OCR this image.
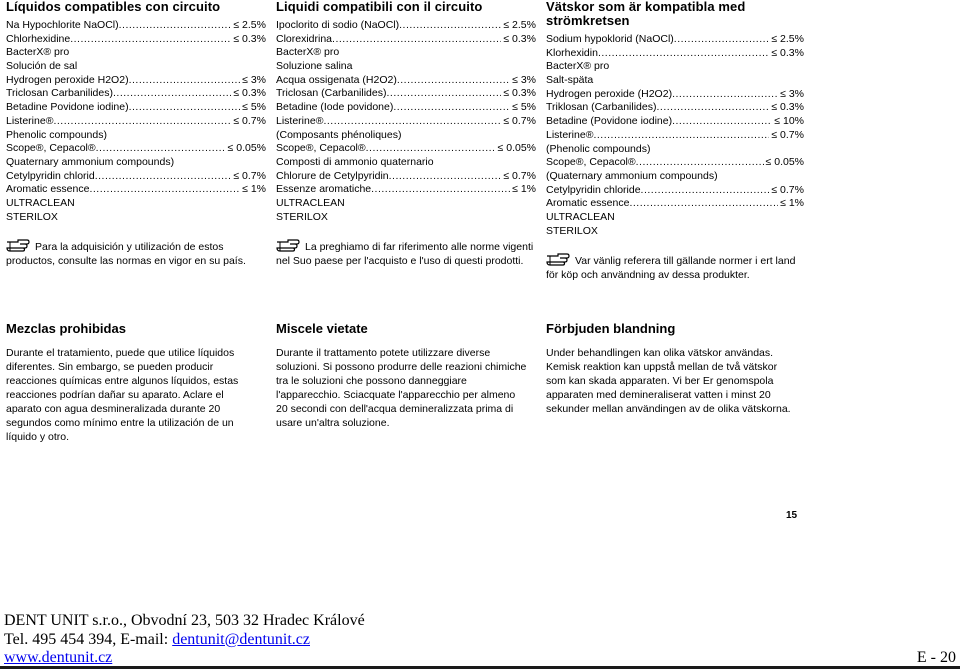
Líquidos compatibles con circuito
Na Hypochlorite NaOCl) .....	≤ 2.5%
Chlorhexidine .....	≤ 0.3%
BacterX® pro
Solución de sal
Hydrogen peroxide H2O2) .....	≤ 3%
Triclosan Carbanilides) .....	≤ 0.3%
Betadine Povidone iodine) .....	≤ 5%
Listerine® .....	≤ 0.7%
Phenolic compounds)
Scope®, Cepacol® .....	≤ 0.05%
Quaternary ammonium compounds)
Cetylpyridin chlorid .....	≤ 0.7%
Aromatic essence .....	≤ 1%
ULTRACLEAN
STERILOX
Para la adquisición y utilización de estos productos, consulte las normas en vigor en su país.
Liquidi compatibili con il circuito
Ipoclorito di sodio (NaOCl) .....	≤ 2.5%
Clorexidrina .....	≤ 0.3%
BacterX® pro
Soluzione salina
Acqua ossigenata (H2O2) .....	≤ 3%
Triclosan (Carbanilides) .....	≤ 0.3%
Betadine (Iode povidone) .....	≤ 5%
Listerine® .....	≤ 0.7%
(Composants phénoliques)
Scope®, Cepacol® .....	≤ 0.05%
Composti di ammonio quaternario
Chlorure de Cetylpyridin .....	≤ 0.7%
Essenze aromatiche .....	≤ 1%
ULTRACLEAN
STERILOX
La preghiamo di far riferimento alle norme vigenti nel Suo paese per l'acquisto e l'uso di questi prodotti.
Vätskor som är kompatibla med strömkretsen
Sodium hypoklorid (NaOCl) .....	≤ 2.5%
Klorhexidin .....	≤ 0.3%
BacterX® pro
Salt-späta
Hydrogen peroxide (H2O2) .....	≤ 3%
Triklosan (Carbanilides) .....	≤ 0.3%
Betadine (Povidone iodine) .....	≤ 10%
Listerine® .....	≤ 0.7%
(Phenolic compounds)
Scope®, Cepacol® .....	≤ 0.05%
(Quaternary ammonium compounds)
Cetylpyridin chloride .....	≤ 0.7%
Aromatic essence .....	≤ 1%
ULTRACLEAN
STERILOX
Var vänlig referera till gällande normer i ert land för köp och användning av dessa produkter.
Mezclas prohibidas
Durante el tratamiento, puede que utilice líquidos diferentes. Sin embargo, se pueden producir reacciones químicas entre algunos líquidos, estas reacciones podrían dañar su aparato. Aclare el aparato con agua desmineralizada durante 20 segundos como mínimo entre la utilización de un líquido y otro.
Miscele vietate
Durante il trattamento potete utilizzare diverse soluzioni. Si possono produrre delle reazioni chimiche tra le soluzioni che possono danneggiare l'apparecchio. Sciacquate l'apparecchio per almeno 20 secondi con dell'acqua demineralizzata prima di usare un'altra soluzione.
Förbjuden blandning
Under behandlingen kan olika vätskor användas. Kemisk reaktion kan uppstå mellan de två vätskor som kan skada apparaten. Vi ber Er genomspola apparaten med demineraliserat vatten i minst 20 sekunder mellan användingen av de olika vätskorna.
15
DENT UNIT s.r.o., Obvodní 23, 503 32 Hradec Králové
Tel. 495 454 394, E-mail: dentunit@dentunit.cz
www.dentunit.cz	E - 20
